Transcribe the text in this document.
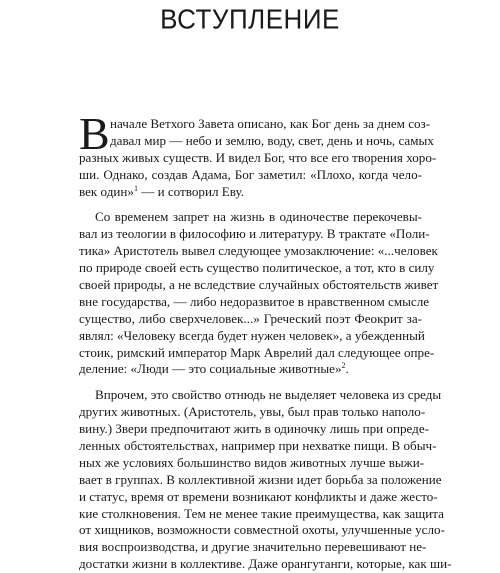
ВСТУПЛЕНИЕ
В начале Ветхого Завета описано, как Бог день за днем соз-
давал мир — небо и землю, воду, свет, день и ночь, самых
разных живых существ. И видел Бог, что все его творения хоро-
ши. Однако, создав Адама, Бог заметил: «Плохо, когда чело-
век один»$^1$ — и сотворил Еву.
Со временем запрет на жизнь в одиночестве перекочевы-
вал из теологии в философию и литературу. В трактате «Поли-
тика» Аристотель вывел следующее умозаключение: «...человек
по природе своей есть существо политическое, а тот, кто в силу
своей природы, а не вследствие случайных обстоятельств живет
вне государства, — либо недоразвитое в нравственном смысле
существо, либо сверхчеловек...» Греческий поэт Феокрит за-
являл: «Человеку всегда будет нужен человек», а убежденный
стоик, римский император Марк Аврелий дал следующее опре-
деление: «Люди — это социальные животные»$^2$.
Впрочем, это свойство отнюдь не выделяет человека из среды
других животных. (Аристотель, увы, был прав только наполо-
вину.) Звери предпочитают жить в одиночку лишь при опреде-
ленных обстоятельствах, например при нехватке пищи. В обыч-
ных же условиях большинство видов животных лучше выжи-
вает в группах. В коллективной жизни идет борьба за положение
и статус, время от времени возникают конфликты и даже жесто-
кие столкновения. Тем не менее такие преимущества, как защита
от хищников, возможности совместной охоты, улучшенные усло-
вия воспроизводства, и другие значительно перевешивают не-
достатки жизни в коллективе. Даже орангутанги, которые, как ши-
